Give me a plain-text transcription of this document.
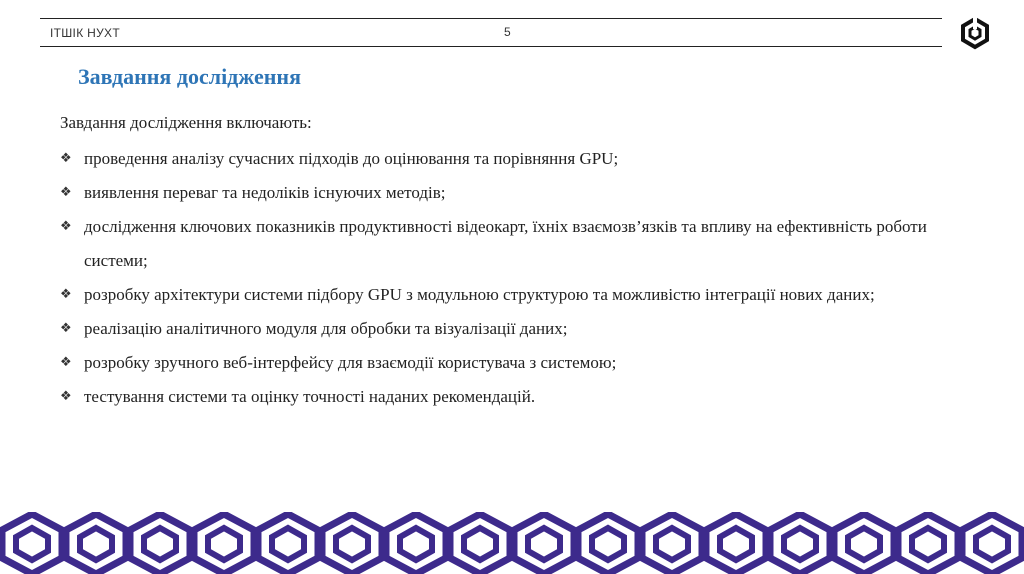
ІТШІК НУХТ	5
Завдання дослідження

Завдання дослідження включають:

❖ проведення аналізу сучасних підходів до оцінювання та порівняння GPU;
❖ виявлення переваг та недоліків існуючих методів;
❖ дослідження ключових показників продуктивності відеокарт, їхніх взаємозв’язків та впливу на ефективність роботи системи;
❖ розробку архітектури системи підбору GPU з модульною структурою та можливістю інтеграції нових даних;
❖ реалізацію аналітичного модуля для обробки та візуалізації даних;
❖ розробку зручного веб-інтерфейсу для взаємодії користувача з системою;
❖ тестування системи та оцінку точності наданих рекомендацій.
